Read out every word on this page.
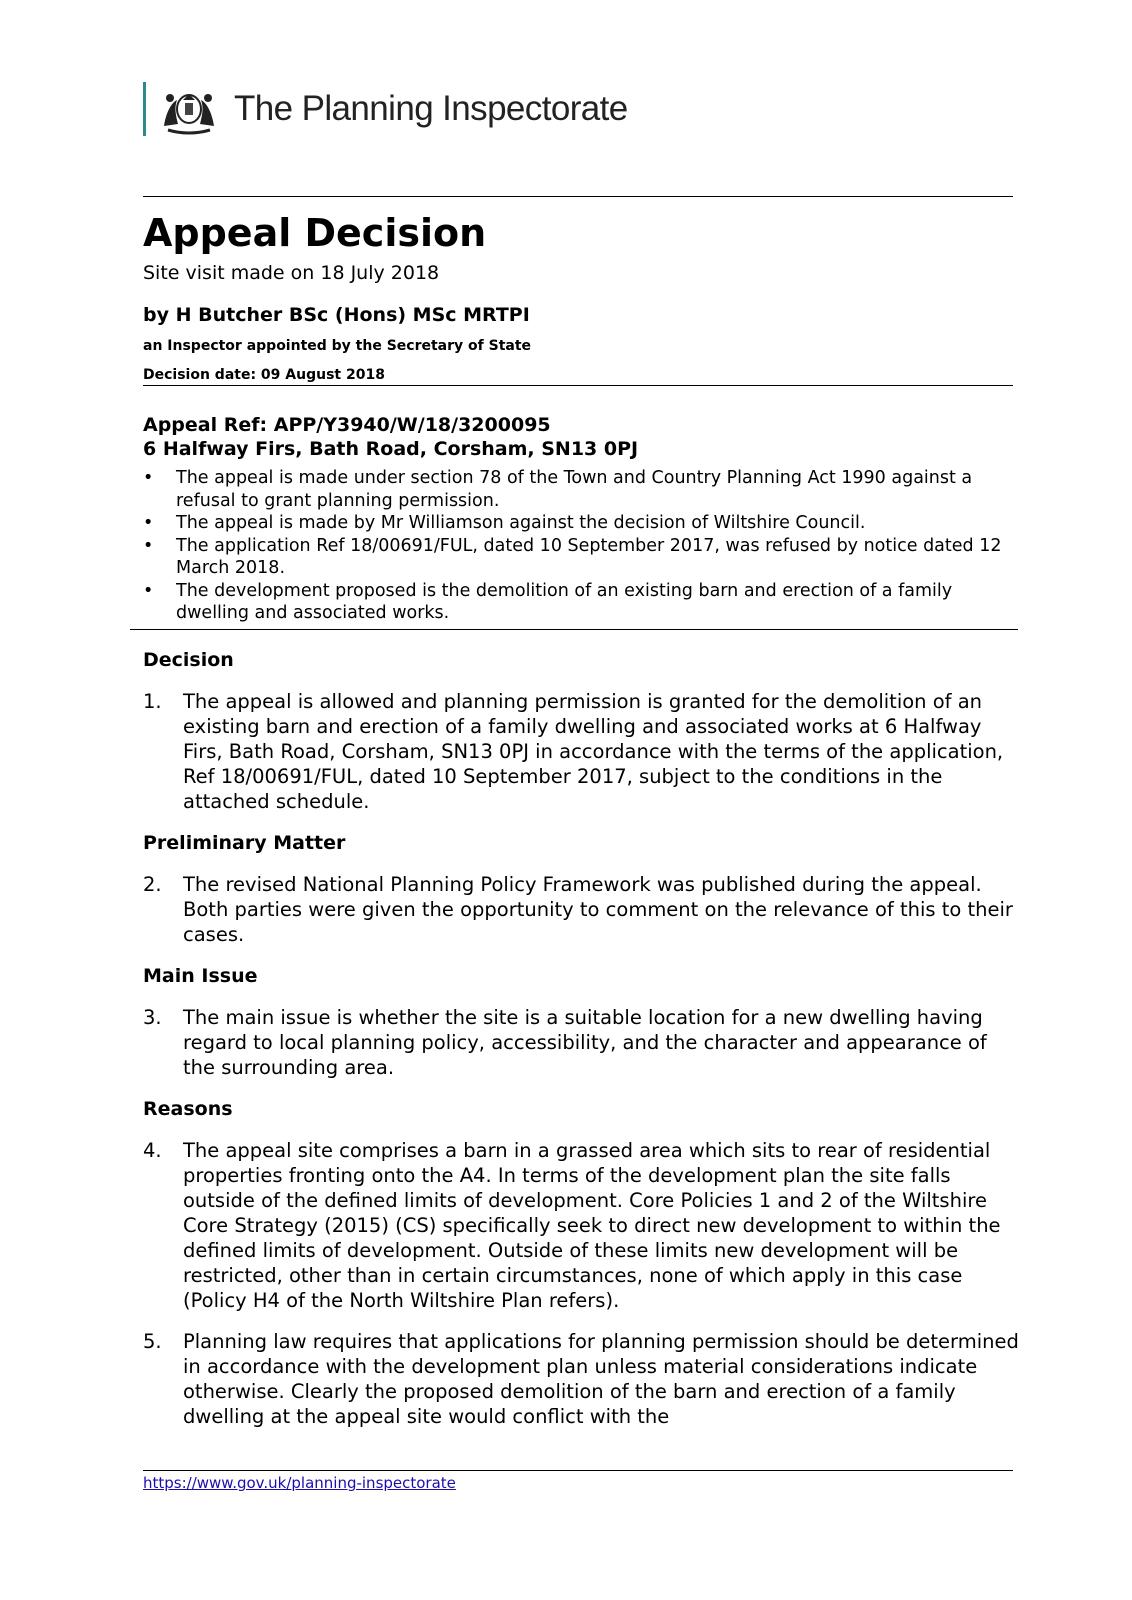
The Planning Inspectorate
Appeal Decision
Site visit made on 18 July 2018
by H Butcher BSc (Hons) MSc MRTPI
an Inspector appointed by the Secretary of State
Decision date: 09 August 2018
Appeal Ref: APP/Y3940/W/18/3200095
6 Halfway Firs, Bath Road, Corsham, SN13 0PJ
• The appeal is made under section 78 of the Town and Country Planning Act 1990 against a refusal to grant planning permission.
• The appeal is made by Mr Williamson against the decision of Wiltshire Council.
• The application Ref 18/00691/FUL, dated 10 September 2017, was refused by notice dated 12 March 2018.
• The development proposed is the demolition of an existing barn and erection of a family dwelling and associated works.
Decision
1.	The appeal is allowed and planning permission is granted for the demolition of an existing barn and erection of a family dwelling and associated works at 6 Halfway Firs, Bath Road, Corsham, SN13 0PJ in accordance with the terms of the application, Ref 18/00691/FUL, dated 10 September 2017, subject to the conditions in the attached schedule.
Preliminary Matter
2.	The revised National Planning Policy Framework was published during the appeal. Both parties were given the opportunity to comment on the relevance of this to their cases.
Main Issue
3.	The main issue is whether the site is a suitable location for a new dwelling having regard to local planning policy, accessibility, and the character and appearance of the surrounding area.
Reasons
4.	The appeal site comprises a barn in a grassed area which sits to rear of residential properties fronting onto the A4. In terms of the development plan the site falls outside of the defined limits of development. Core Policies 1 and 2 of the Wiltshire Core Strategy (2015) (CS) specifically seek to direct new development to within the defined limits of development. Outside of these limits new development will be restricted, other than in certain circumstances, none of which apply in this case (Policy H4 of the North Wiltshire Plan refers).
5.	Planning law requires that applications for planning permission should be determined in accordance with the development plan unless material considerations indicate otherwise. Clearly the proposed demolition of the barn and erection of a family dwelling at the appeal site would conflict with the
https://www.gov.uk/planning-inspectorate
